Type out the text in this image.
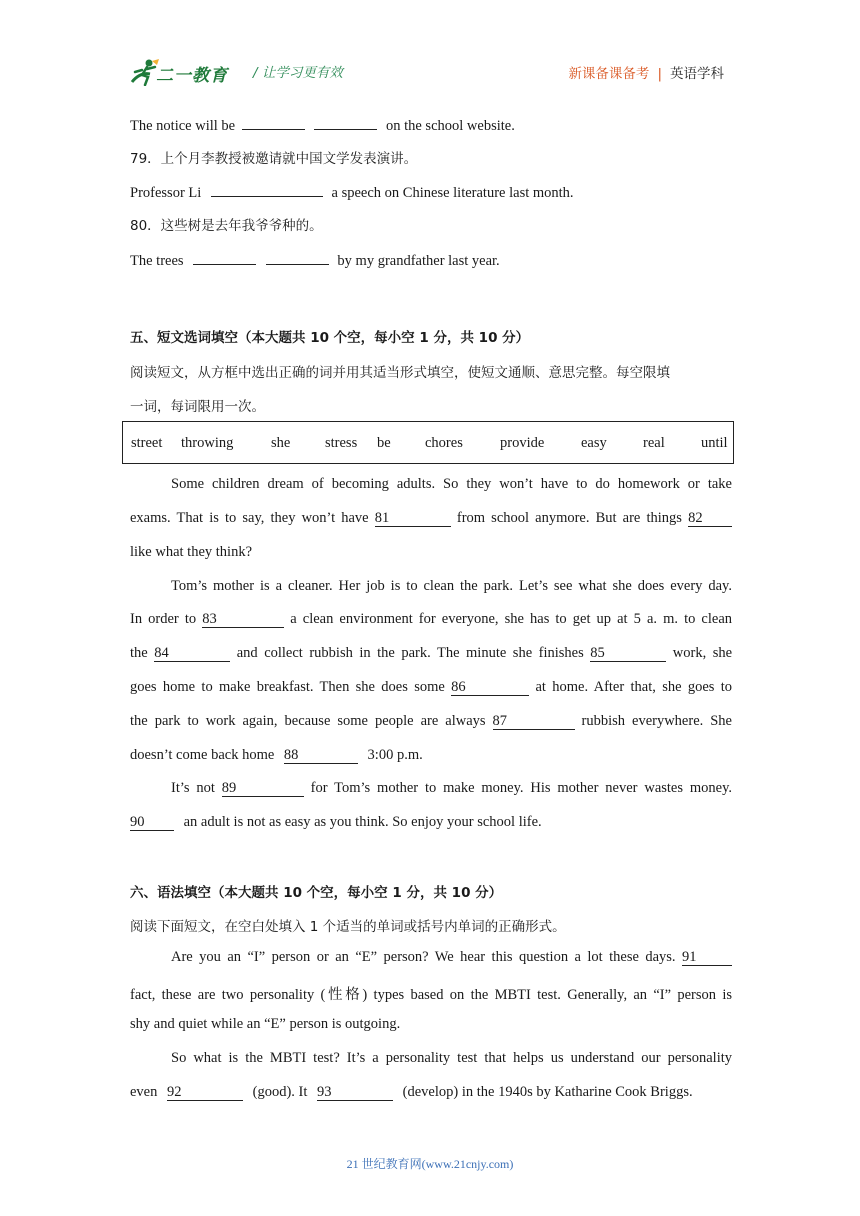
二一教育 / 让学习更有效	新课备课备考 | 英语学科
The notice will be	on the school website.
79．上个月李教授被邀请就中国文学发表演讲。
Professor Li	a speech on Chinese literature last month.
80．这些树是去年我爷爷种的。
The trees	by my grandfather last year.
五、短文选词填空（本大题共 10 个空，每小空 1 分，共 10 分）
阅读短文，从方框中选出正确的词并用其适当形式填空，使短文通顺、意思完整。每空限填
一词，每词限用一次。
street throwing	she stress be chores	provide	easy real	until
Some children dream of becoming adults. So they won’t have to do homework or take
exams. That is to say, they won’t have 81	from school anymore. But are things 82
like what they think?
Tom’s mother is a cleaner. Her job is to clean the park. Let’s see what she does every day.
In order to 83	a clean environment for everyone, she has to get up at 5 a. m. to clean
the 84	and collect rubbish in the park. The minute she finishes 85	work, she
goes home to make breakfast. Then she does some 86	at home. After that, she goes to
the park to work again, because some people are always 87	rubbish everywhere. She
doesn’t come back home 88	3:00 p.m.
It’s not 89	for Tom’s mother to make money. His mother never wastes money.
90	an adult is not as easy as you think. So enjoy your school life.
六、语法填空（本大题共 10 个空，每小空 1 分，共 10 分）
阅读下面短文，在空白处填入 1 个适当的单词或括号内单词的正确形式。
Are you an “I” person or an “E” person? We hear this question a lot these days. 91
fact, these are two personality (性格) types based on the MBTI test. Generally, an “I” person is
shy and quiet while an “E” person is outgoing.
So what is the MBTI test? It’s a personality test that helps us understand our personality
even 92	(good). It 93	(develop) in the 1940s by Katharine Cook Briggs.
21 世纪教育网(www.21cnjy.com)
